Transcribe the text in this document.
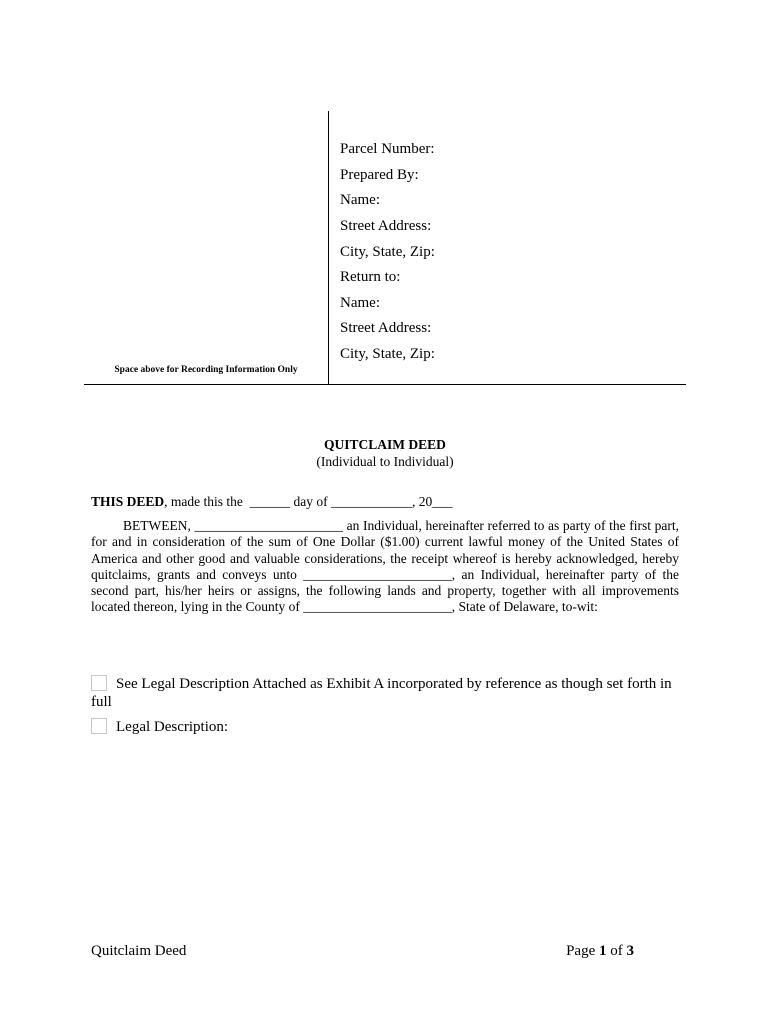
Parcel Number:
Prepared By:
Name:
Street Address:
City, State, Zip:
Return to:
Name:
Street Address:
City, State, Zip:
Space above for Recording Information Only
QUITCLAIM DEED
(Individual to Individual)
THIS DEED, made this the  ______ day of ____________, 20___
BETWEEN, ______________________ an Individual, hereinafter referred to as party of the first part, for and in consideration of the sum of One Dollar ($1.00) current lawful money of the United States of America and other good and valuable considerations, the receipt whereof is hereby acknowledged, hereby quitclaims, grants and conveys unto ______________________, an Individual, hereinafter party of the second part, his/her heirs or assigns, the following lands and property, together with all improvements located thereon, lying in the County of ______________________, State of Delaware, to-wit:
See Legal Description Attached as Exhibit A incorporated by reference as though set forth in full
Legal Description:
Quitclaim Deed	Page 1 of 3
